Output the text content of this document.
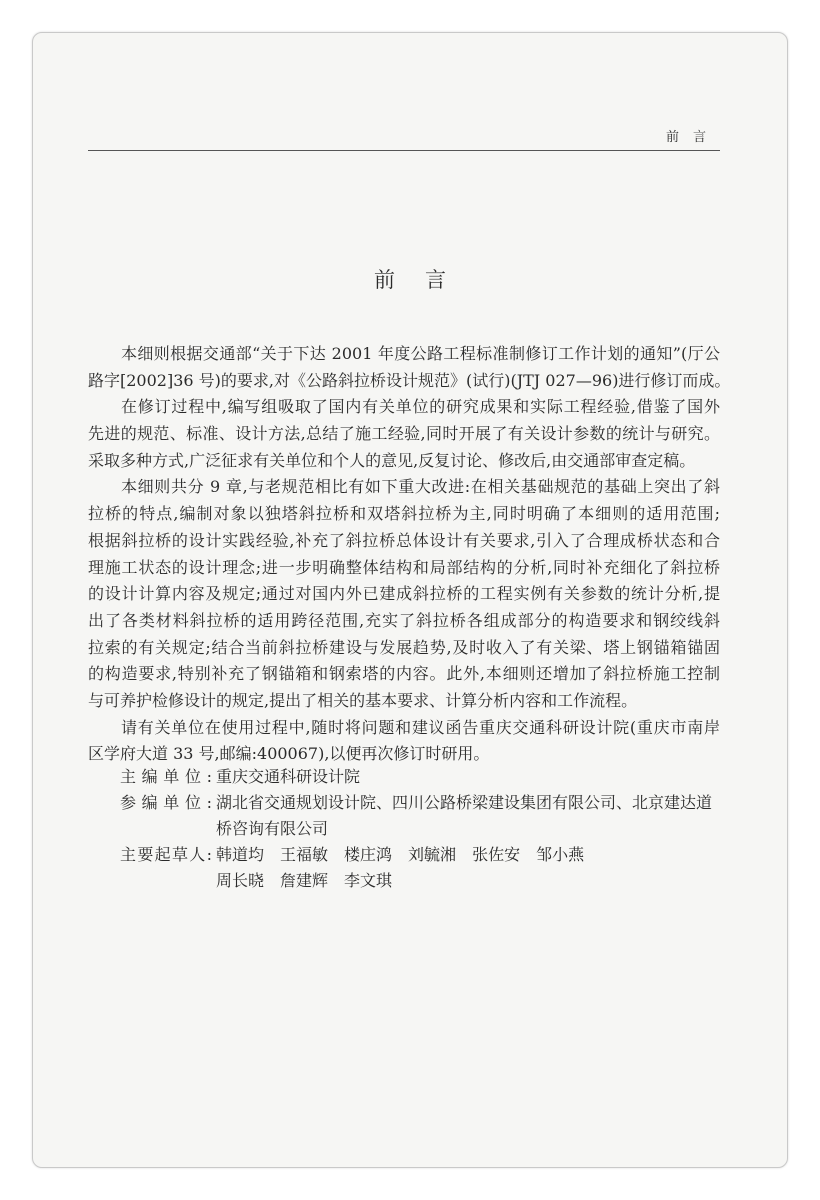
前言
前言
本细则根据交通部“关于下达 2001 年度公路工程标准制修订工作计划的通知”(厅公
路字[2002]36 号)的要求,对《公路斜拉桥设计规范》(试行)(JTJ 027—96)进行修订而成。
在修订过程中,编写组吸取了国内有关单位的研究成果和实际工程经验,借鉴了国外
先进的规范、标准、设计方法,总结了施工经验,同时开展了有关设计参数的统计与研究。
采取多种方式,广泛征求有关单位和个人的意见,反复讨论、修改后,由交通部审查定稿。
本细则共分 9 章,与老规范相比有如下重大改进:在相关基础规范的基础上突出了斜
拉桥的特点,编制对象以独塔斜拉桥和双塔斜拉桥为主,同时明确了本细则的适用范围;
根据斜拉桥的设计实践经验,补充了斜拉桥总体设计有关要求,引入了合理成桥状态和合
理施工状态的设计理念;进一步明确整体结构和局部结构的分析,同时补充细化了斜拉桥
的设计计算内容及规定;通过对国内外已建成斜拉桥的工程实例有关参数的统计分析,提
出了各类材料斜拉桥的适用跨径范围,充实了斜拉桥各组成部分的构造要求和钢绞线斜
拉索的有关规定;结合当前斜拉桥建设与发展趋势,及时收入了有关梁、塔上钢锚箱锚固
的构造要求,特别补充了钢锚箱和钢索塔的内容。此外,本细则还增加了斜拉桥施工控制
与可养护检修设计的规定,提出了相关的基本要求、计算分析内容和工作流程。
请有关单位在使用过程中,随时将问题和建议函告重庆交通科研设计院(重庆市南岸
区学府大道 33 号,邮编:400067),以便再次修订时研用。
主编单位: 重庆交通科研设计院
参编单位: 湖北省交通规划设计院、四川公路桥梁建设集团有限公司、北京建达道
桥咨询有限公司
主要起草人: 韩道均 王福敏 楼庄鸿 刘毓湘 张佐安 邹小燕
周长晓 詹建辉 李文琪
